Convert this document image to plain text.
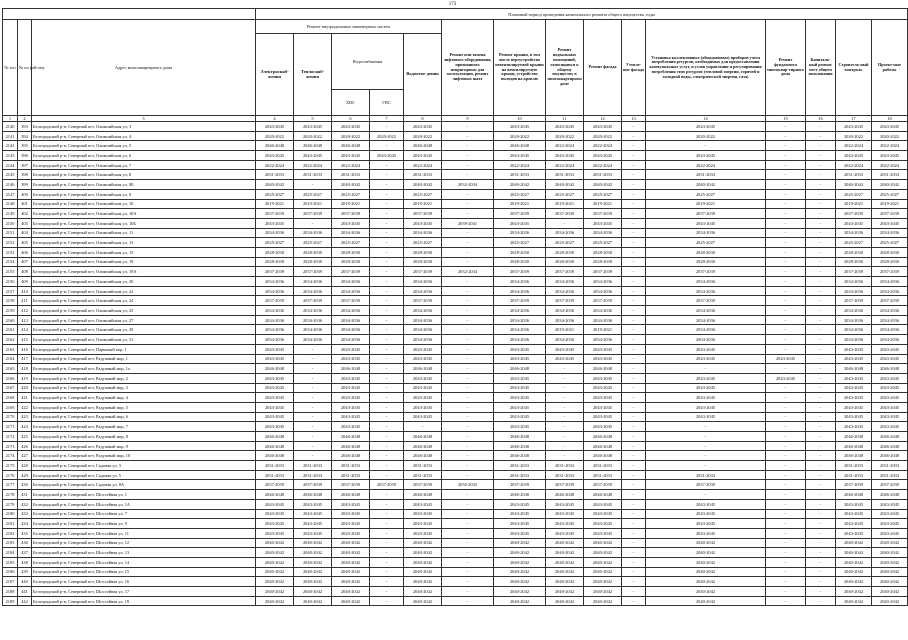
173
			Плановый период проведения капитального ремонта общего имущества, годы														
№ п/п	№ по рай-ону	Адрес многоквартирного дома	Ремонт внутридомовых инженерных систем					Ремонт или замена лифтового оборудования, признанного непригодным для эксплуатации, ремонт лифтовых шахт	Ремонт крыши, в том числе переустройство невентилируемой крыши на вентилируемую крышу, устройство выходов на кровлю	Ремонт подвальных помещений, относящихся к общему имуществу в многоквартирном доме	Ремонт фасада	Утепле-ние фасада	Установка коллективных (общедомовых) приборов учета потребления ресурсов, необходимых для предоставления коммунальных услуг, и узлов управления и регулирования потребления этих ресурсов (тепловой энергии, горячей и холодной воды, электрической энергии, газа)	Ремонт фундамента многоквар-тирного дома	Капиталь-ный ремонт мест общего пользования	Строитель-ный контроль	Проект-ные работы
			Электроснаб-жения	Теплоснаб-жения	Водоснабжения		Водоотве-дения										
					ХВС	ГВС											
1	2	3	4	5	6	7	8	9	10	11	12	13	14	15	16	17	18
2140	393	Белгородский р-н, Северный пгт, Олимпийская ул, 3	2043-2045	2043-2045	2043-2045	-	2043-2045	-	2043-2045	2043-2045	2043-2045	-	2043-2045	-	-	2043-2045	2043-2045
2141	394	Белгородский р-н, Северный пгт, Олимпийская ул, 4	2020-2022	2020-2022	2020-2022	2020-2022	2020-2022	-	2020-2022	2020-2022	2020-2022	-	2020-2022	-	-	2020-2022	2020-2022
2142	395	Белгородский р-н, Северный пгт, Олимпийская ул, 5	2046-2048	2046-2048	2046-2048	-	2046-2048	-	2046-2048	2022-2024	2022-2024	-	-	-	-	2022-2024	2022-2024
2143	396	Белгородский р-н, Северный пгт, Олимпийская ул, 6	2043-2045	2043-2045	2043-2045	2043-2045	2043-2045	-	2043-2045	2043-2045	2043-2045	-	2043-2045	-	-	2043-2045	2043-2045
2144	397	Белгородский р-н, Северный пгт, Олимпийская ул, 7	2022-2024	2022-2024	2022-2024	-	2022-2024	-	2022-2024	2022-2024	2022-2024	-	2022-2024	-	-	2022-2024	2022-2024
2145	398	Белгородский р-н, Северный пгт, Олимпийская ул, 8	2031-2033	2031-2033	2031-2033	-	2031-2033	-	2031-2033	2031-2033	2031-2033	-	2031-2033	-	-	2031-2033	2031-2033
2146	399	Белгородский р-н, Северный пгт, Олимпийская ул, 8Б	2040-2042	-	2040-2042	-	2040-2042	2032-2034	2040-2042	2040-2042	2040-2042	-	2040-2042	-	-	2040-2042	2040-2042
2147	400	Белгородский р-н, Северный пгт, Олимпийская ул, 9	2025-2027	2025-2027	2025-2027	-	2025-2027	-	2025-2027	2025-2027	2025-2027	-	2025-2027	-	-	2025-2027	2025-2027
2148	401	Белгородский р-н, Северный пгт, Олимпийская ул, 10	2019-2021	2019-2021	2019-2021	-	2019-2021	-	2019-2021	2019-2021	2019-2021	-	2019-2021	-	-	2019-2021	2019-2021
2149	402	Белгородский р-н, Северный пгт, Олимпийская ул, 10А	2037-2039	2037-2039	2037-2039	-	2037-2039	-	2037-2039	2037-2039	2037-2039	-	2037-2039	-	-	2037-2039	2037-2039
2150	403	Белгородский р-н, Северный пгт, Олимпийская ул, 10Б	2043-2045	-	2043-2045	-	2043-2045	2039-2041	2043-2045	-	2043-2045	-	2043-2045	-	-	2043-2045	2043-2045
2151	404	Белгородский р-н, Северный пгт, Олимпийская ул, 11	2034-2036	2034-2036	2034-2036	-	2034-2036	-	2034-2036	2034-2036	2034-2036	-	2034-2036	-	-	2034-2036	2034-2036
2152	405	Белгородский р-н, Северный пгт, Олимпийская ул, 13	2025-2027	2025-2027	2025-2027	-	2025-2027	-	2025-2027	2025-2027	2025-2027	-	2025-2027	-	-	2025-2027	2025-2027
2153	406	Белгородский р-н, Северный пгт, Олимпийская ул, 15	2028-2030	2028-2030	2028-2030	-	2028-2030	-	2028-2030	2028-2030	2028-2030	-	2028-2030	-	-	2028-2030	2028-2030
2154	407	Белгородский р-н, Северный пгт, Олимпийская ул, 19	2028-2030	2028-2030	2028-2030	-	2028-2030	-	2028-2030	2028-2030	2028-2030	-	2028-2030	-	-	2028-2030	2028-2030
2155	408	Белгородский р-н, Северный пгт, Олимпийская ул, 19А	2037-2039	2037-2039	2037-2039	-	2037-2039	2032-2034	2037-2039	2037-2039	2037-2039	-	2037-2039	-	-	2037-2039	2037-2039
2156	409	Белгородский р-н, Северный пгт, Олимпийская ул, 20	2034-2036	2034-2036	2034-2036	-	2034-2036	-	2034-2036	2034-2036	2034-2036	-	2034-2036	-	-	2034-2036	2034-2036
2157	410	Белгородский р-н, Северный пгт, Олимпийская ул, 22	2034-2036	2034-2036	2034-2036	-	2034-2036	-	2034-2036	2034-2036	2034-2036	-	2034-2036	-	-	2034-2036	2034-2036
2158	411	Белгородский р-н, Северный пгт, Олимпийская ул, 24	2037-2039	2037-2039	2037-2039	-	2037-2039	-	2037-2039	2037-2039	2037-2039	-	2037-2039	-	-	2037-2039	2037-2039
2159	412	Белгородский р-н, Северный пгт, Олимпийская ул, 25	2034-2036	2034-2036	2034-2036	-	2034-2036	-	2034-2036	2034-2036	2034-2036	-	2034-2036	-	-	2034-2036	2034-2036
2160	413	Белгородский р-н, Северный пгт, Олимпийская ул, 27	2034-2036	2034-2036	2034-2036	-	2034-2036	-	2034-2036	2034-2036	2034-2036	-	2034-2036	-	-	2034-2036	2034-2036
2161	414	Белгородский р-н, Северный пгт, Олимпийская ул, 29	2034-2036	2034-2036	2034-2036	-	2034-2036	-	2034-2036	2019-2021	2019-2021	-	2034-2036	-	-	2034-2036	2034-2036
2162	415	Белгородский р-н, Северный пгт, Олимпийская ул, 31	2034-2036	2034-2036	2034-2036	-	2034-2036	-	2034-2036	2034-2036	2034-2036	-	2004-2036	-	-	2034-2036	2034-2036
2163	416	Белгородский р-н, Северный пгт, Парковый пер, 1	2043-2045	-	2043-2045	-	2043-2045	-	2043-2045	2043-2045	2043-2045	-	2043-2045	-	-	2043-2045	2043-2045
2164	417	Белгородский р-н, Северный пгт, Радужный мкр, 1	2043-2045	-	2043-2045	-	2043-2045	-	2043-2045	2043-2045	2043-2045	-	2043-2045	2043-2045	-	2043-2045	2043-2045
2165	418	Белгородский р-н, Северный пгт, Радужный мкр, 1а	2046-2048	-	2046-2048	-	2046-2048	-	2046-2048	-	2046-2048	-	-	-	-	2046-2048	2046-2048
2166	419	Белгородский р-н, Северный пгт, Радужный мкр, 2	2043-2045	-	2043-2045	-	2043-2045	-	2043-2045	-	2043-2045	-	2043-2045	2043-2045	-	2043-2045	2043-2045
2167	420	Белгородский р-н, Северный пгт, Радужный мкр, 3	2043-2045	-	2043-2045	-	2043-2045	-	2043-2045	-	2043-2045	-	2043-2045	-	-	2043-2045	2043-2045
2168	421	Белгородский р-н, Северный пгт, Радужный мкр, 4	2043-2045	-	2043-2045	-	2043-2045	-	2043-2045	-	2043-2045	-	2043-2045	-	-	2043-2045	2043-2045
2169	422	Белгородский р-н, Северный пгт, Радужный мкр, 5	2043-2045	-	2043-2045	-	2043-2045	-	2043-2045	-	2043-2045	-	2043-2045	-	-	2043-2045	2043-2045
2170	423	Белгородский р-н, Северный пгт, Радужный мкр, 6	2043-2045	-	2043-2045	-	2043-2045	-	2043-2045	-	2043-2045	-	2043-2045	-	-	2043-2045	2043-2045
2171	424	Белгородский р-н, Северный пгт, Радужный мкр, 7	2043-2045	-	2043-2045	-	-	-	2043-2045	-	2043-2045	-	-	-	-	2043-2045	2043-2045
2172	425	Белгородский р-н, Северный пгт, Радужный мкр, 8	2046-2048	-	2046-2048	-	2046-2048	-	2046-2048	-	2046-2048	-	-	-	-	2046-2048	2046-2048
2173	426	Белгородский р-н, Северный пгт, Радужный мкр, 9	2046-2048	-	2046-2048	-	2046-2048	-	2046-2048	-	2046-2048	-	-	-	-	2046-2048	2046-2048
2174	427	Белгородский р-н, Северный пгт, Радужный мкр, 10	2046-2048	-	2046-2048	-	2046-2048	-	2046-2048	-	2046-2048	-	-	-	-	2046-2048	2046-2048
2175	428	Белгородский р-н, Северный пгт, Садовая ул, 3	2031-2033	2031-2033	2031-2033	-	2031-2033	-	2031-2033	2031-2033	2031-2033	-	-	-	-	2031-2033	2031-2033
2176	429	Белгородский р-н, Северный пгт, Садовая ул, 5	2031-2033	2031-2033	2031-2033	-	2031-2033	-	2031-2033	2031-2033	2031-2033	-	2031-2033	-	-	2031-2033	2031-2033
2177	430	Белгородский р-н, Северный пгт, Садовая ул, 8А	2037-2039	2037-2039	2037-2039	2037-2039	2037-2039	2030-2032	2037-2039	2037-2039	2037-2039	-	2037-2039	-	-	2037-2039	2037-2039
2178	431	Белгородский р-н, Северный пгт, Шоссейная ул, 1	2046-2048	2046-2048	2046-2048	-	2046-2048	-	2046-2048	2046-2048	2046-2048	-	-	-	-	2046-2048	2046-2048
2179	432	Белгородский р-н, Северный пгт, Шоссейная ул, 1А	2043-2045	2043-2045	2043-2045	-	2043-2045	-	2043-2045	2043-2045	2043-2045	-	2043-2045	-	-	2043-2045	2043-2045
2180	433	Белгородский р-н, Северный пгт, Шоссейная ул, 7	2043-2045	2043-2045	2043-2045	-	2043-2045	-	2043-2045	2043-2045	2043-2045	-	2043-2045	-	-	2043-2045	2043-2045
2181	434	Белгородский р-н, Северный пгт, Шоссейная ул, 9	2043-2045	2043-2045	2043-2045	-	2043-2045	-	2043-2045	2043-2045	2043-2045	-	2043-2045	-	-	2043-2045	2043-2045
2182	435	Белгородский р-н, Северный пгт, Шоссейная ул, 11	2043-2045	2043-2045	2043-2045	-	2043-2045	-	2043-2045	2043-2045	2043-2045	-	2043-2045	-	-	2043-2045	2043-2045
2183	436	Белгородский р-н, Северный пгт, Шоссейная ул, 12	2040-2042	2040-2042	2040-2042	-	2040-2042	-	2040-2042	2040-2042	2040-2042	-	2040-2042	-	-	2040-2042	2040-2042
2184	437	Белгородский р-н, Северный пгт, Шоссейная ул, 13	2040-2042	2040-2042	2040-2042	-	2040-2042	-	2040-2042	2040-2042	2040-2042	-	2040-2042	-	-	2040-2042	2040-2042
2185	438	Белгородский р-н, Северный пгт, Шоссейная ул, 14	2040-2042	2040-2042	2040-2042	-	2040-2042	-	2040-2042	2040-2042	2040-2042	-	2040-2042	-	-	2040-2042	2040-2042
2186	439	Белгородский р-н, Северный пгт, Шоссейная ул, 15	2040-2042	2040-2042	2040-2042	-	2040-2042	-	2040-2042	2040-2042	2040-2042	-	2040-2042	-	-	2040-2042	2040-2042
2187	440	Белгородский р-н, Северный пгт, Шоссейная ул, 16	2040-2042	2040-2042	2040-2042	-	2040-2042	-	2040-2042	2040-2042	2040-2042	-	2040-2042	-	-	2040-2042	2040-2042
2188	441	Белгородский р-н, Северный пгт, Шоссейная ул, 17	2040-2042	2040-2042	2040-2042	-	2040-2042	-	2040-2042	2040-2042	2040-2042	-	2040-2042	-	-	2040-2042	2040-2042
2189	442	Белгородский р-н, Северный пгт, Шоссейная ул, 19	2040-2042	2040-2042	2040-2042	-	2040-2042	-	2040-2042	2040-2042	2040-2042	-	2040-2042	-	-	2040-2042	2040-2042
